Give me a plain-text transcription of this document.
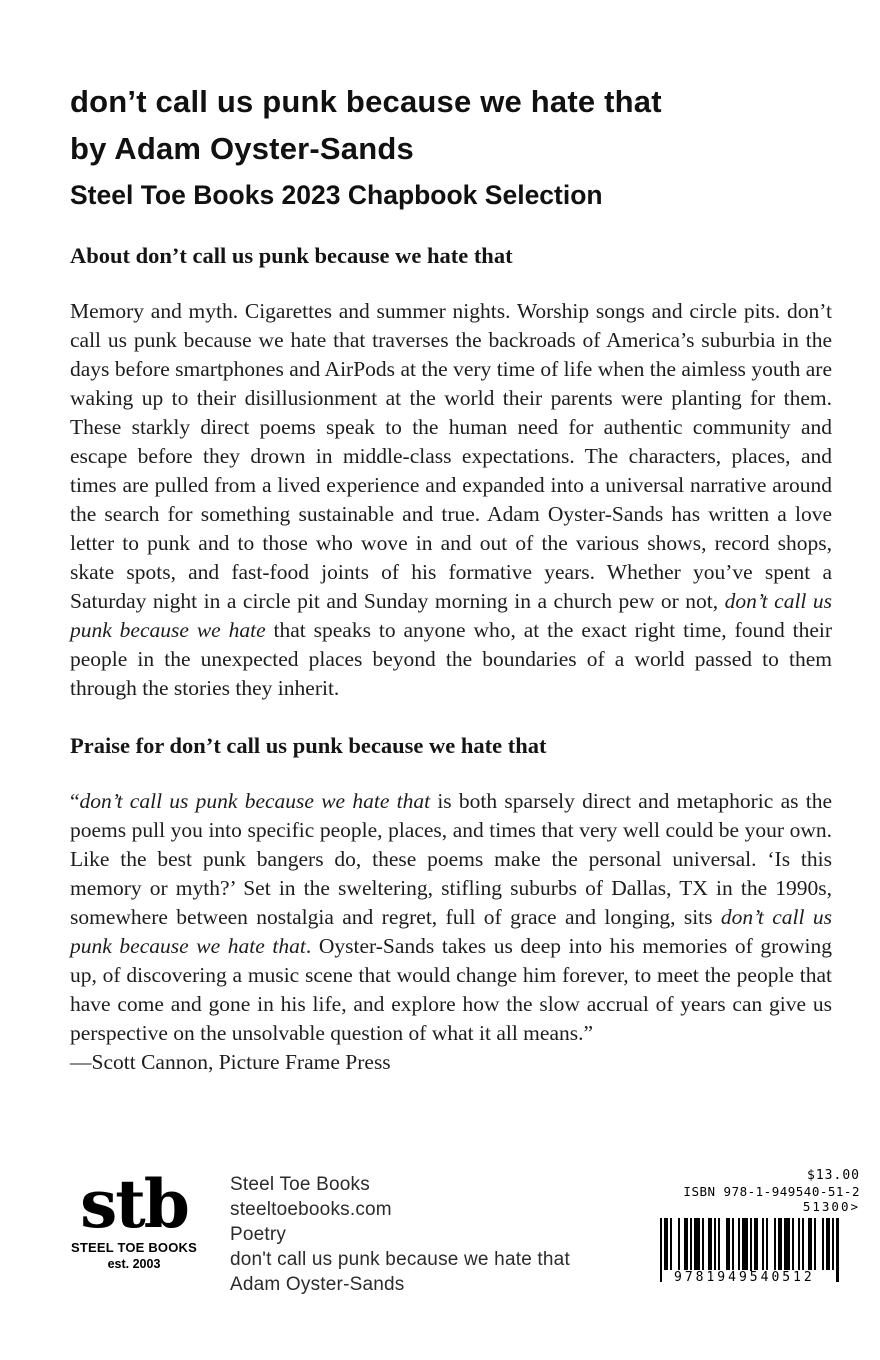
don’t call us punk because we hate that
by Adam Oyster-Sands
Steel Toe Books 2023 Chapbook Selection
About don’t call us punk because we hate that

Memory and myth. Cigarettes and summer nights. Worship songs and circle pits. don’t call us punk because we hate that traverses the backroads of America’s suburbia in the days before smartphones and AirPods at the very time of life when the aimless youth are waking up to their disillusionment at the world their parents were planting for them. These starkly direct poems speak to the human need for authentic community and escape before they drown in middle-class expectations. The characters, places, and times are pulled from a lived experience and expanded into a universal narrative around the search for something sustainable and true. Adam Oyster-Sands has written a love letter to punk and to those who wove in and out of the various shows, record shops, skate spots, and fast-food joints of his formative years. Whether you’ve spent a Saturday night in a circle pit and Sunday morning in a church pew or not, don’t call us punk because we hate that speaks to anyone who, at the exact right time, found their people in the unexpected places beyond the boundaries of a world passed to them through the stories they inherit.

Praise for don’t call us punk because we hate that

“don’t call us punk because we hate that is both sparsely direct and metaphoric as the poems pull you into specific people, places, and times that very well could be your own. Like the best punk bangers do, these poems make the personal universal. ‘Is this memory or myth?’ Set in the sweltering, stifling suburbs of Dallas, TX in the 1990s, somewhere between nostalgia and regret, full of grace and longing, sits don’t call us punk because we hate that. Oyster-Sands takes us deep into his memories of growing up, of discovering a music scene that would change him forever, to meet the people that have come and gone in his life, and explore how the slow accrual of years can give us perspective on the unsolvable question of what it all means.”

—Scott Cannon, Picture Frame Press

stb
STEEL TOE BOOKS
est. 2003
Steel Toe Books
steeltoebooks.com
Poetry
don't call us punk because we hate that
Adam Oyster-Sands
$13.00
ISBN 978-1-949540-51-2
51300>
9781949540512
